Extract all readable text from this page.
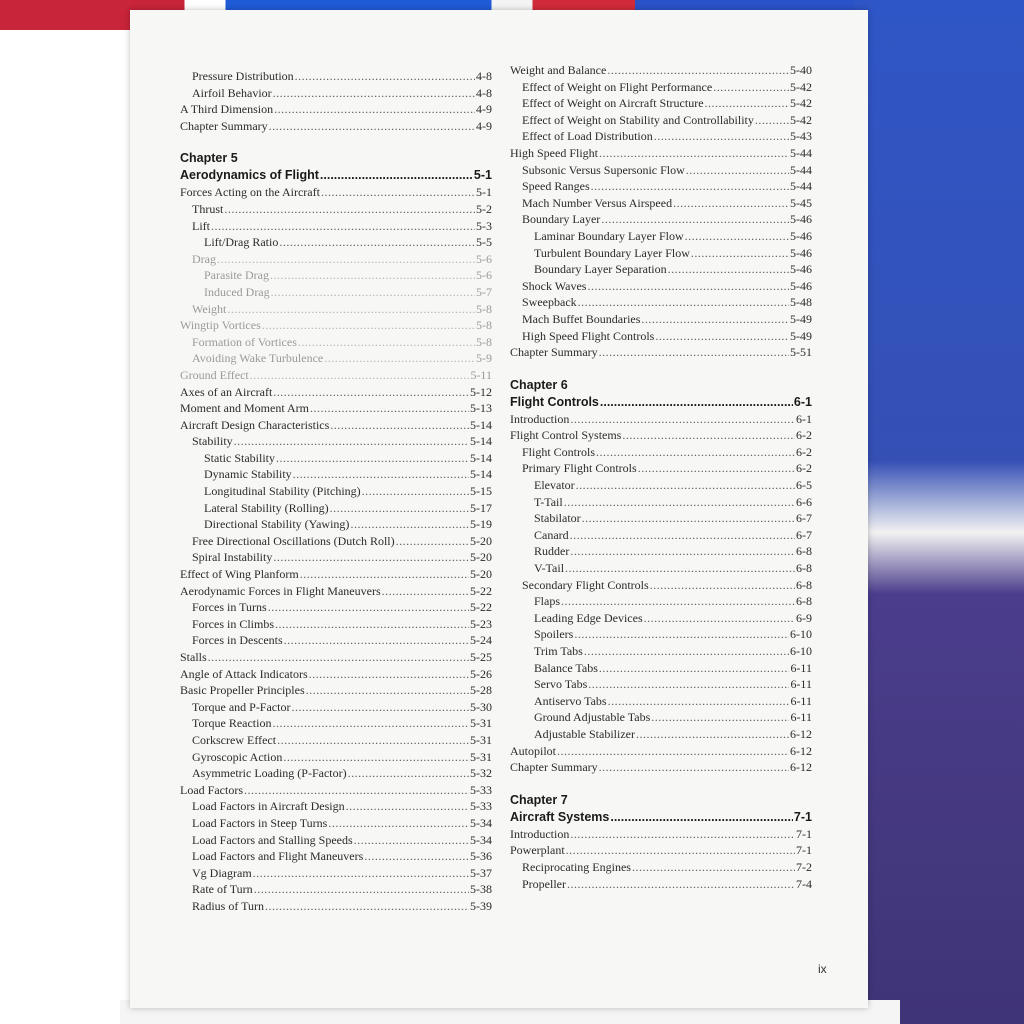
Pressure Distribution .....	4-8
Airfoil Behavior .....	4-8
A Third Dimension .....	4-9
Chapter Summary .....	4-9
Chapter 5
Aerodynamics of Flight .....	5-1
Forces Acting on the Aircraft .....	5-1
Thrust .....	5-2
Lift .....	5-3
Lift/Drag Ratio .....	5-5
Drag .....	5-6
Parasite Drag .....	5-6
Induced Drag .....	5-7
Weight .....	5-8
Wingtip Vortices .....	5-8
Formation of Vortices .....	5-8
Avoiding Wake Turbulence .....	5-9
Ground Effect .....	5-11
Axes of an Aircraft .....	5-12
Moment and Moment Arm .....	5-13
Aircraft Design Characteristics .....	5-14
Stability .....	5-14
Static Stability .....	5-14
Dynamic Stability .....	5-14
Longitudinal Stability (Pitching) .....	5-15
Lateral Stability (Rolling) .....	5-17
Directional Stability (Yawing) .....	5-19
Free Directional Oscillations (Dutch Roll) .....	5-20
Spiral Instability .....	5-20
Effect of Wing Planform .....	5-20
Aerodynamic Forces in Flight Maneuvers .....	5-22
Forces in Turns .....	5-22
Forces in Climbs .....	5-23
Forces in Descents .....	5-24
Stalls .....	5-25
Angle of Attack Indicators .....	5-26
Basic Propeller Principles .....	5-28
Torque and P-Factor .....	5-30
Torque Reaction .....	5-31
Corkscrew Effect .....	5-31
Gyroscopic Action .....	5-31
Asymmetric Loading (P-Factor) .....	5-32
Load Factors .....	5-33
Load Factors in Aircraft Design .....	5-33
Load Factors in Steep Turns .....	5-34
Load Factors and Stalling Speeds .....	5-34
Load Factors and Flight Maneuvers .....	5-36
Vg Diagram .....	5-37
Rate of Turn .....	5-38
Radius of Turn .....	5-39
Weight and Balance .....	5-40
Effect of Weight on Flight Performance .....	5-42
Effect of Weight on Aircraft Structure .....	5-42
Effect of Weight on Stability and Controllability .....	5-42
Effect of Load Distribution .....	5-43
High Speed Flight .....	5-44
Subsonic Versus Supersonic Flow .....	5-44
Speed Ranges .....	5-44
Mach Number Versus Airspeed .....	5-45
Boundary Layer .....	5-46
Laminar Boundary Layer Flow .....	5-46
Turbulent Boundary Layer Flow .....	5-46
Boundary Layer Separation .....	5-46
Shock Waves .....	5-46
Sweepback .....	5-48
Mach Buffet Boundaries .....	5-49
High Speed Flight Controls .....	5-49
Chapter Summary .....	5-51
Chapter 6
Flight Controls .....	6-1
Introduction .....	6-1
Flight Control Systems .....	6-2
Flight Controls .....	6-2
Primary Flight Controls .....	6-2
Elevator .....	6-5
T-Tail .....	6-6
Stabilator .....	6-7
Canard .....	6-7
Rudder .....	6-8
V-Tail .....	6-8
Secondary Flight Controls .....	6-8
Flaps .....	6-8
Leading Edge Devices .....	6-9
Spoilers .....	6-10
Trim Tabs .....	6-10
Balance Tabs .....	6-11
Servo Tabs .....	6-11
Antiservo Tabs .....	6-11
Ground Adjustable Tabs .....	6-11
Adjustable Stabilizer .....	6-12
Autopilot .....	6-12
Chapter Summary .....	6-12
Chapter 7
Aircraft Systems .....	7-1
Introduction .....	7-1
Powerplant .....	7-1
Reciprocating Engines .....	7-2
Propeller .....	7-4
ix
